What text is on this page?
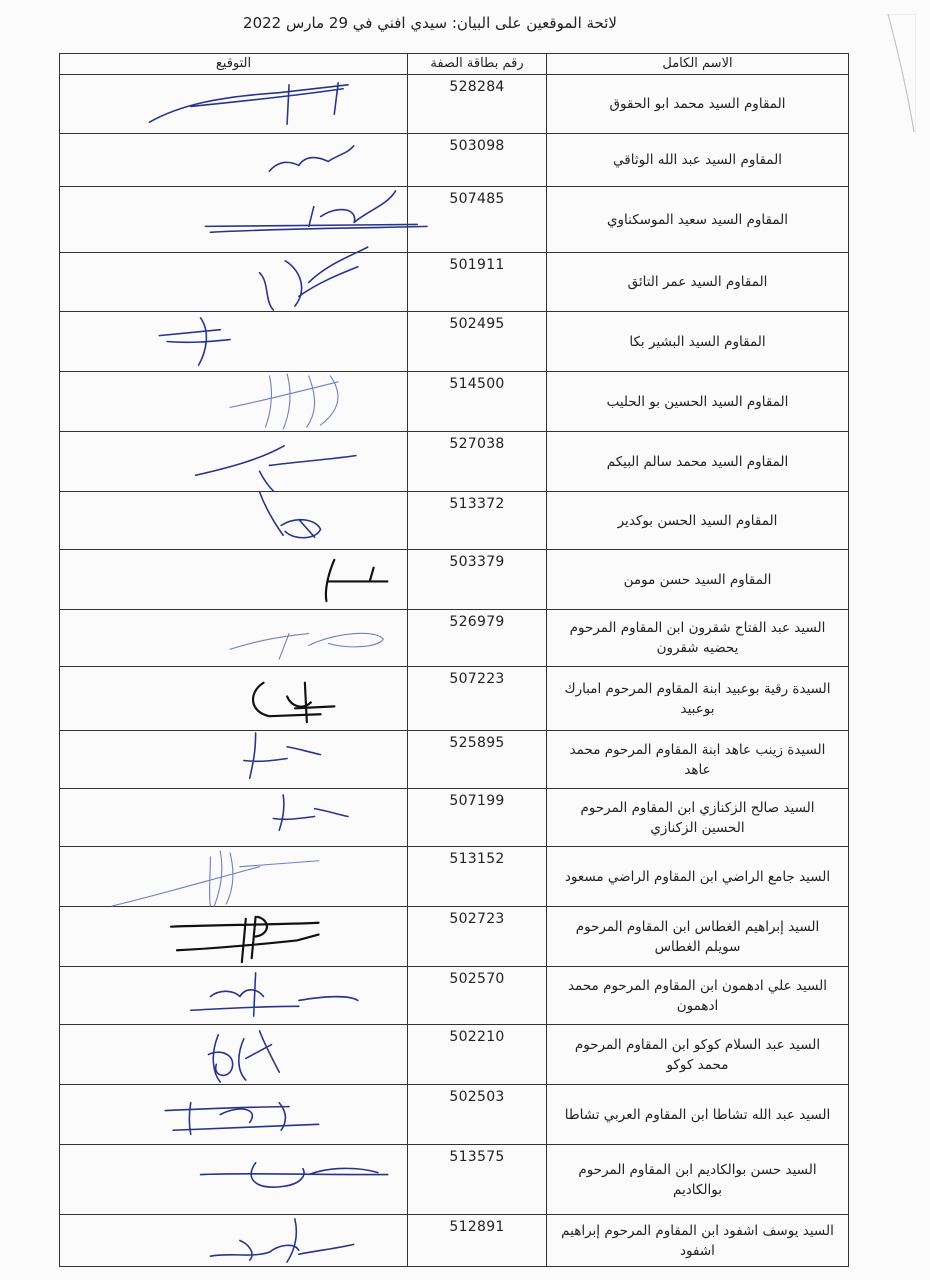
لائحة الموقعين على البيان: سيدي افني في 29 مارس 2022
التوقيع	رقم بطاقة الصفة	الاسم الكامل

	528284	المقاوم السيد محمد ابو الحقوق

	503098	المقاوم السيد عبد الله الوثاقي

	507485	المقاوم السيد سعيد الموسكناوي

	501911	المقاوم السيد عمر التائق

	502495	المقاوم السيد البشير بكا

	514500	المقاوم السيد الحسين بو الحليب

	527038	المقاوم السيد محمد سالم البيكم

	513372	المقاوم السيد الحسن بوكدير

	503379	المقاوم السيد حسن مومن

	526979	السيد عبد الفتاح شقرون ابن المقاوم المرحوم يحضيه شقرون

	507223	السيدة رقية بوعبيد ابنة المقاوم المرحوم امبارك بوعبيد

	525895	السيدة زينب عاهد ابنة المقاوم المرحوم محمد عاهد

	507199	السيد صالح الزكنازي ابن المقاوم المرحوم الحسين الزكنازي

	513152	السيد جامع الراضي ابن المقاوم الراضي مسعود

	502723	السيد إبراهيم الغطاس ابن المقاوم المرحوم سويلم الغطاس

	502570	السيد علي ادهمون ابن المقاوم المرحوم محمد ادهمون

	502210	السيد عبد السلام كوكو ابن المقاوم المرحوم محمد كوكو

	502503	السيد عبد الله تشاطا ابن المقاوم العربي تشاطا

	513575	السيد حسن بوالكاديم ابن المقاوم المرحوم بوالكاديم

	512891	السيد يوسف اشفود ابن المقاوم المرحوم إبراهيم اشفود
